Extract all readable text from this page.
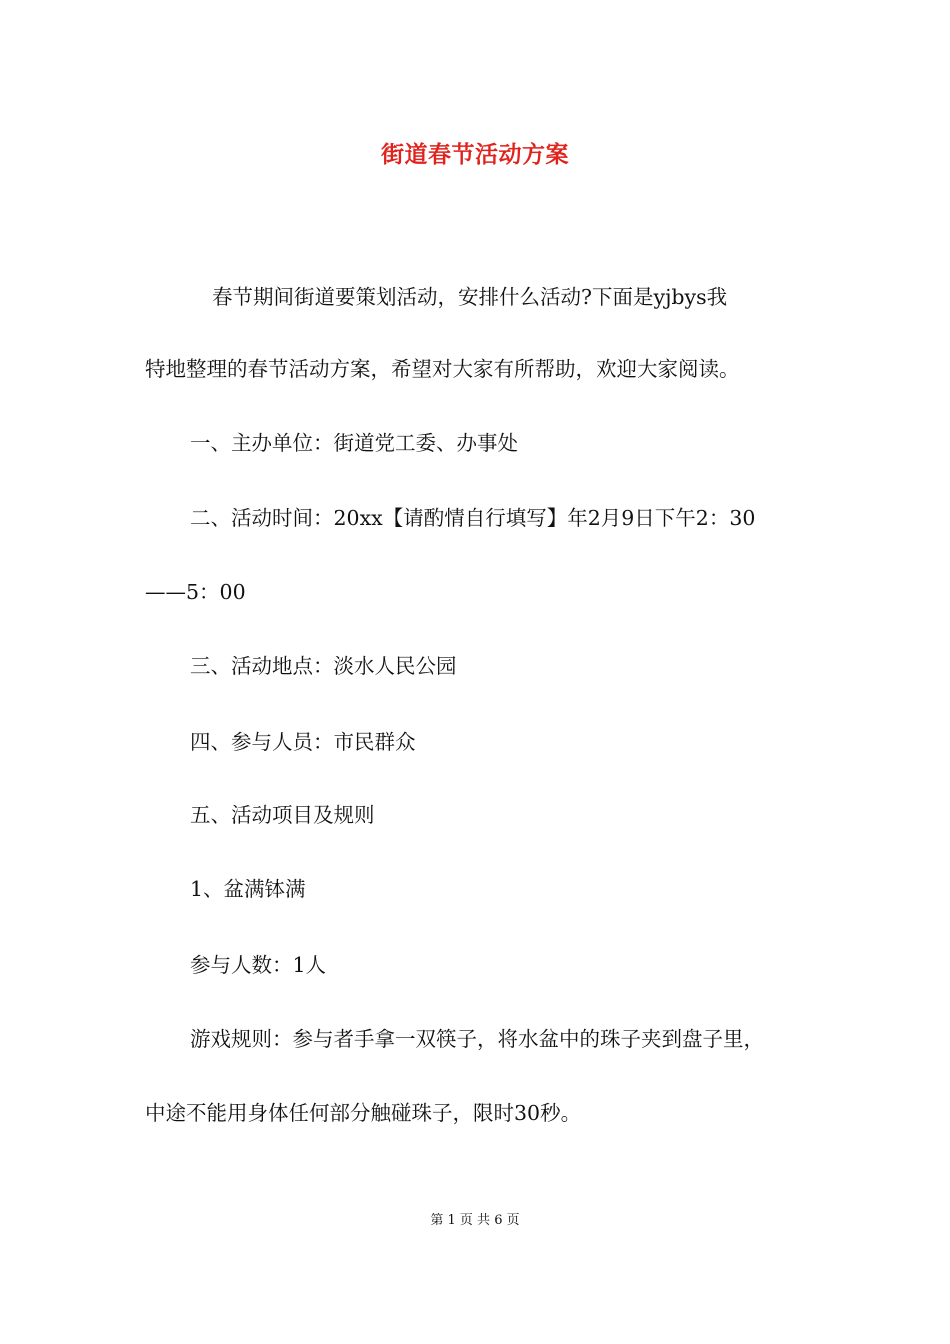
街道春节活动方案
春节期间街道要策划活动，安排什么活动?下面是yjbys我
特地整理的春节活动方案，希望对大家有所帮助，欢迎大家阅读。
一、主办单位：街道党工委、办事处
二、活动时间：20xx【请酌情自行填写】年2月9日下午2：30
——5：00
三、活动地点：淡水人民公园
四、参与人员：市民群众
五、活动项目及规则
1、盆满钵满
参与人数：1人
游戏规则：参与者手拿一双筷子，将水盆中的珠子夹到盘子里，
中途不能用身体任何部分触碰珠子，限时30秒。
第 1 页 共 6 页
